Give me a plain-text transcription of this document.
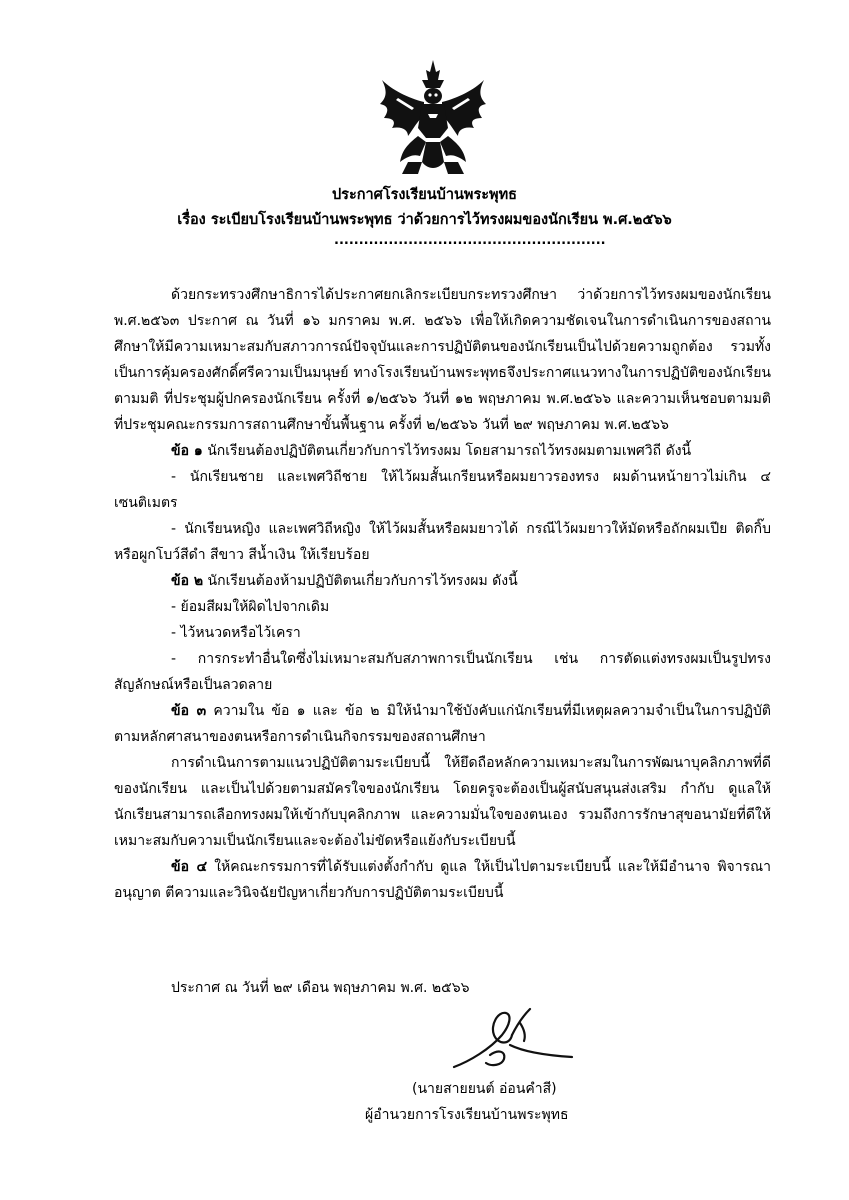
ประกาศโรงเรียนบ้านพระพุทธ
เรื่อง ระเบียบโรงเรียนบ้านพระพุทธ ว่าด้วยการไว้ทรงผมของนักเรียน พ.ศ.๒๕๖๖
.......................................................
ด้วยกระทรวงศึกษาธิการได้ประกาศยกเลิกระเบียบกระทรวงศึกษา ว่าด้วยการไว้ทรงผมของนักเรียน พ.ศ.๒๕๖๓ ประกาศ ณ วันที่ ๑๖ มกราคม พ.ศ. ๒๕๖๖ เพื่อให้เกิดความชัดเจนในการดำเนินการของสถานศึกษาให้มีความเหมาะสมกับสภาวการณ์ปัจจุบันและการปฏิบัติตนของนักเรียนเป็นไปด้วยความถูกต้อง รวมทั้งเป็นการคุ้มครองศักดิ์ศรีความเป็นมนุษย์ ทางโรงเรียนบ้านพระพุทธจึงประกาศแนวทางในการปฏิบัติของนักเรียน ตามมติ ที่ประชุมผู้ปกครองนักเรียน ครั้งที่ ๑/๒๕๖๖ วันที่ ๑๒ พฤษภาคม พ.ศ.๒๕๖๖ และความเห็นชอบตามมติที่ประชุมคณะกรรมการสถานศึกษาขั้นพื้นฐาน ครั้งที่ ๒/๒๕๖๖ วันที่ ๒๙ พฤษภาคม พ.ศ.๒๕๖๖
ข้อ ๑ นักเรียนต้องปฏิบัติตนเกี่ยวกับการไว้ทรงผม โดยสามารถไว้ทรงผมตามเพศวิถี ดังนี้
- นักเรียนชาย และเพศวิถีชาย ให้ไว้ผมสั้นเกรียนหรือผมยาวรองทรง ผมด้านหน้ายาวไม่เกิน ๔ เซนติเมตร
- นักเรียนหญิง และเพศวิถีหญิง ให้ไว้ผมสั้นหรือผมยาวได้ กรณีไว้ผมยาวให้มัดหรือถักผมเปีย ติดกิ๊บหรือผูกโบว์สีดำ สีขาว สีน้ำเงิน ให้เรียบร้อย
ข้อ ๒ นักเรียนต้องห้ามปฏิบัติตนเกี่ยวกับการไว้ทรงผม ดังนี้
- ย้อมสีผมให้ผิดไปจากเดิม
- ไว้หนวดหรือไว้เครา
- การกระทำอื่นใดซึ่งไม่เหมาะสมกับสภาพการเป็นนักเรียน เช่น การตัดแต่งทรงผมเป็นรูปทรงสัญลักษณ์หรือเป็นลวดลาย
ข้อ ๓ ความใน ข้อ ๑ และ ข้อ ๒ มิให้นำมาใช้บังคับแก่นักเรียนที่มีเหตุผลความจำเป็นในการปฏิบัติตามหลักศาสนาของตนหรือการดำเนินกิจกรรมของสถานศึกษา
การดำเนินการตามแนวปฏิบัติตามระเบียบนี้ ให้ยึดถือหลักความเหมาะสมในการพัฒนาบุคลิกภาพที่ดีของนักเรียน และเป็นไปด้วยตามสมัครใจของนักเรียน โดยครูจะต้องเป็นผู้สนับสนุนส่งเสริม กำกับ ดูแลให้นักเรียนสามารถเลือกทรงผมให้เข้ากับบุคลิกภาพ และความมั่นใจของตนเอง รวมถึงการรักษาสุขอนามัยที่ดีให้เหมาะสมกับความเป็นนักเรียนและจะต้องไม่ขัดหรือแย้งกับระเบียบนี้
ข้อ ๔ ให้คณะกรรมการที่ได้รับแต่งตั้งกำกับ ดูแล ให้เป็นไปตามระเบียบนี้ และให้มีอำนาจ พิจารณา อนุญาต ตีความและวินิจฉัยปัญหาเกี่ยวกับการปฏิบัติตามระเบียบนี้
ประกาศ ณ วันที่ ๒๙ เดือน พฤษภาคม พ.ศ. ๒๕๖๖
(นายสายยนต์ อ่อนคำสี)
ผู้อำนวยการโรงเรียนบ้านพระพุทธ
